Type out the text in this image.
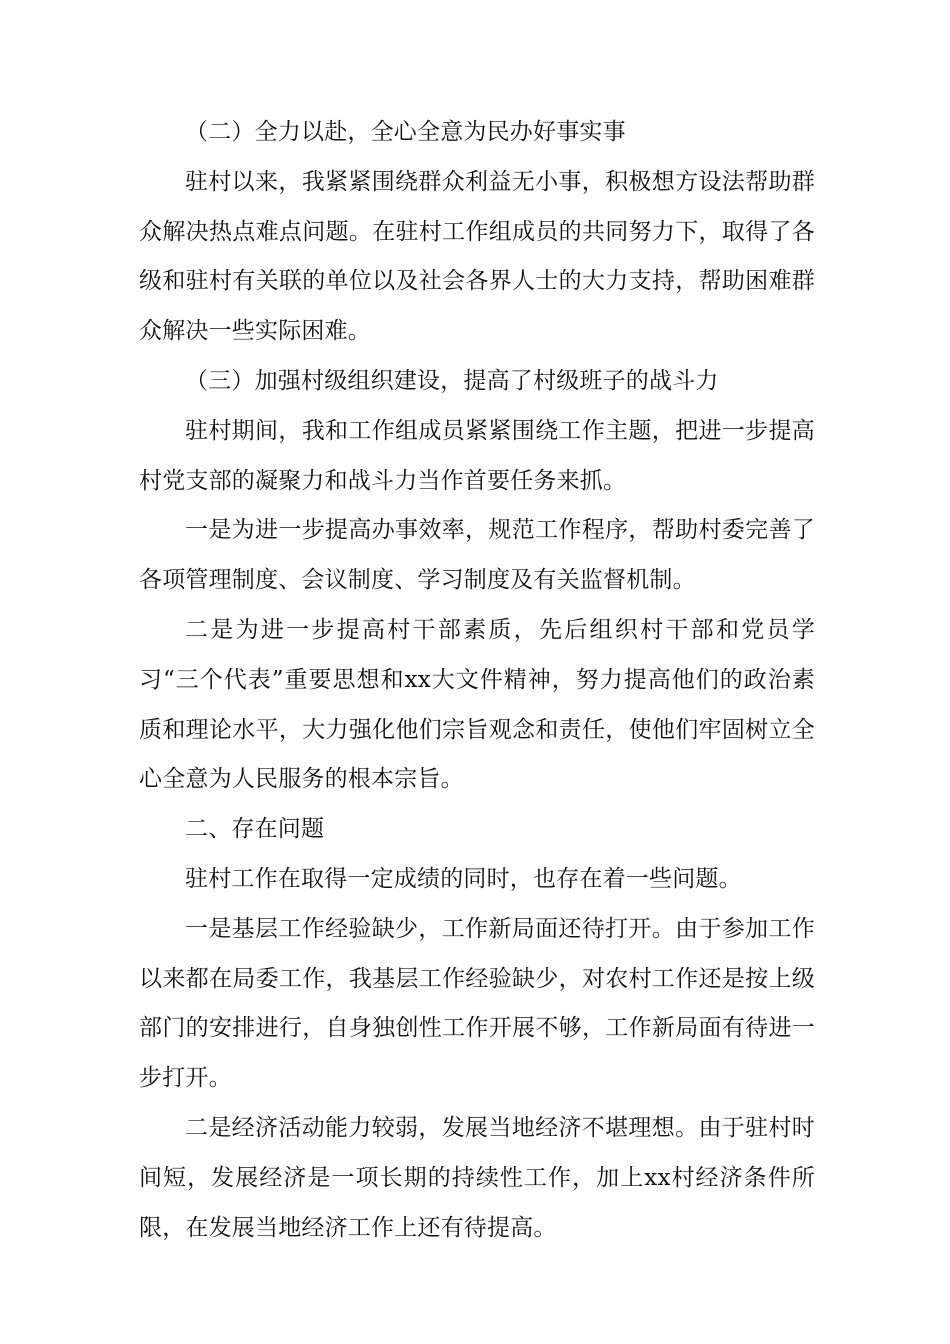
（二）全力以赴，全心全意为民办好事实事

驻村以来，我紧紧围绕群众利益无小事，积极想方设法帮助群众解决热点难点问题。在驻村工作组成员的共同努力下，取得了各级和驻村有关联的单位以及社会各界人士的大力支持，帮助困难群众解决一些实际困难。

（三）加强村级组织建设，提高了村级班子的战斗力

驻村期间，我和工作组成员紧紧围绕工作主题，把进一步提高村党支部的凝聚力和战斗力当作首要任务来抓。

一是为进一步提高办事效率，规范工作程序，帮助村委完善了各项管理制度、会议制度、学习制度及有关监督机制。

二是为进一步提高村干部素质，先后组织村干部和党员学习“三个代表”重要思想和xx大文件精神，努力提高他们的政治素质和理论水平，大力强化他们宗旨观念和责任，使他们牢固树立全心全意为人民服务的根本宗旨。

二、存在问题

驻村工作在取得一定成绩的同时，也存在着一些问题。

一是基层工作经验缺少，工作新局面还待打开。由于参加工作以来都在局委工作，我基层工作经验缺少，对农村工作还是按上级部门的安排进行，自身独创性工作开展不够，工作新局面有待进一步打开。

二是经济活动能力较弱，发展当地经济不堪理想。由于驻村时间短，发展经济是一项长期的持续性工作，加上xx村经济条件所限，在发展当地经济工作上还有待提高。
